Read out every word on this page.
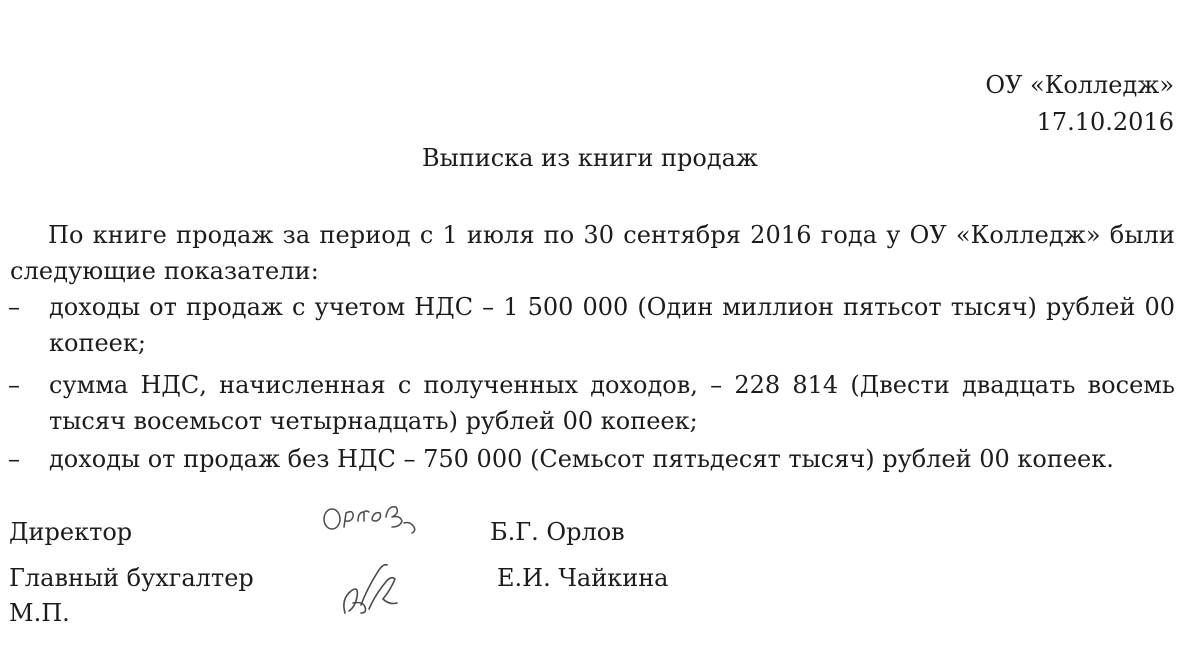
ОУ «Колледж»
17.10.2016
Выписка из книги продаж
По книге продаж за период с 1 июля по 30 сентября 2016 года у ОУ «Колледж» были следующие показатели:
– доходы от продаж с учетом НДС – 1 500 000 (Один миллион пятьсот тысяч) рублей 00 копеек;
– сумма НДС, начисленная с полученных доходов, – 228 814 (Двести двадцать восемь тысяч восемьсот четырнадцать) рублей 00 копеек;
– доходы от продаж без НДС – 750 000 (Семьсот пятьдесят тысяч) рублей 00 копеек.
Директор	Б.Г. Орлов
Главный бухгалтер	Е.И. Чайкина
М.П.
